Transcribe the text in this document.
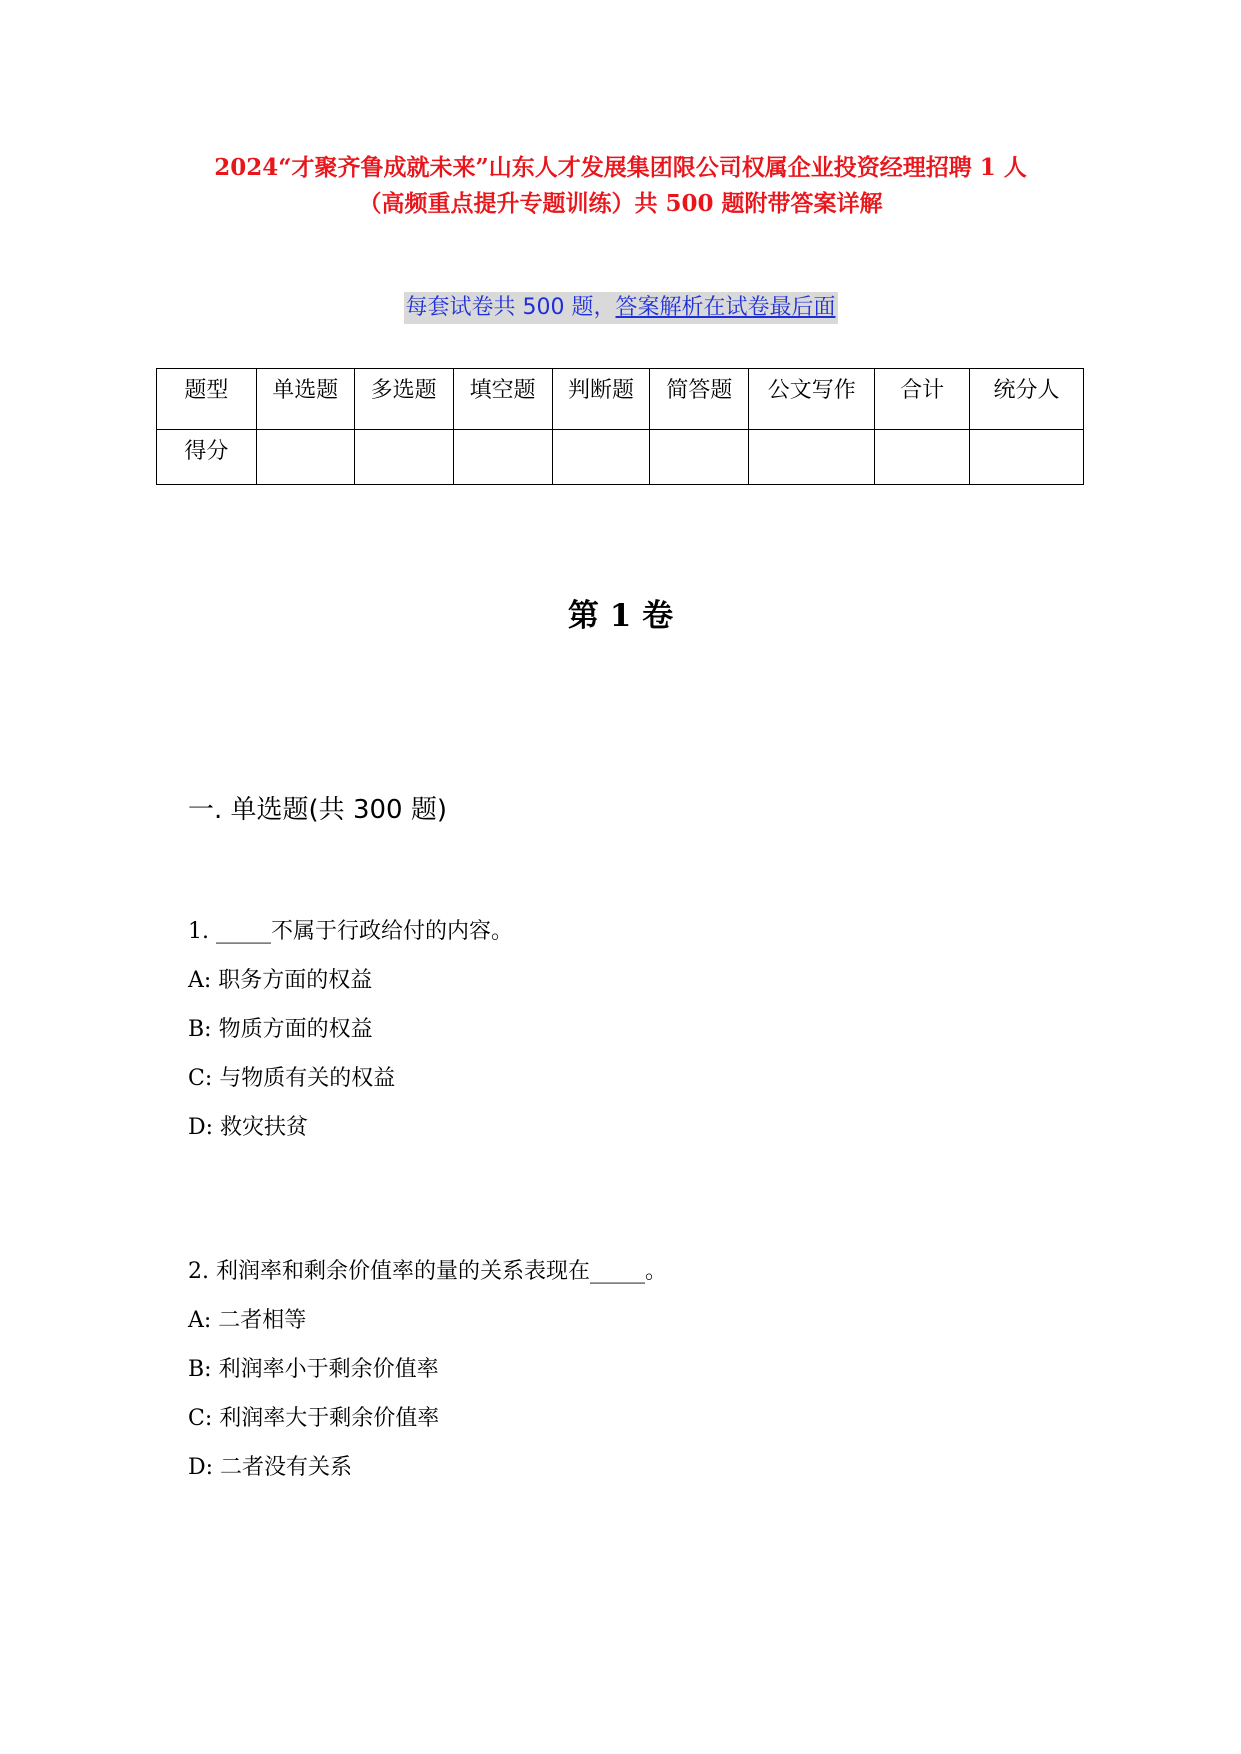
2024“才聚齐鲁成就未来”山东人才发展集团限公司权属企业投资经理招聘 1 人
（高频重点提升专题训练）共 500 题附带答案详解
每套试卷共 500 题，答案解析在试卷最后面
题型	单选题	多选题	填空题	判断题	简答题	公文写作	合计	统分人
得分								
第 1 卷
一. 单选题(共 300 题)
1. _____不属于行政给付的内容。
A: 职务方面的权益
B: 物质方面的权益
C: 与物质有关的权益
D: 救灾扶贫
2. 利润率和剩余价值率的量的关系表现在_____。
A: 二者相等
B: 利润率小于剩余价值率
C: 利润率大于剩余价值率
D: 二者没有关系
